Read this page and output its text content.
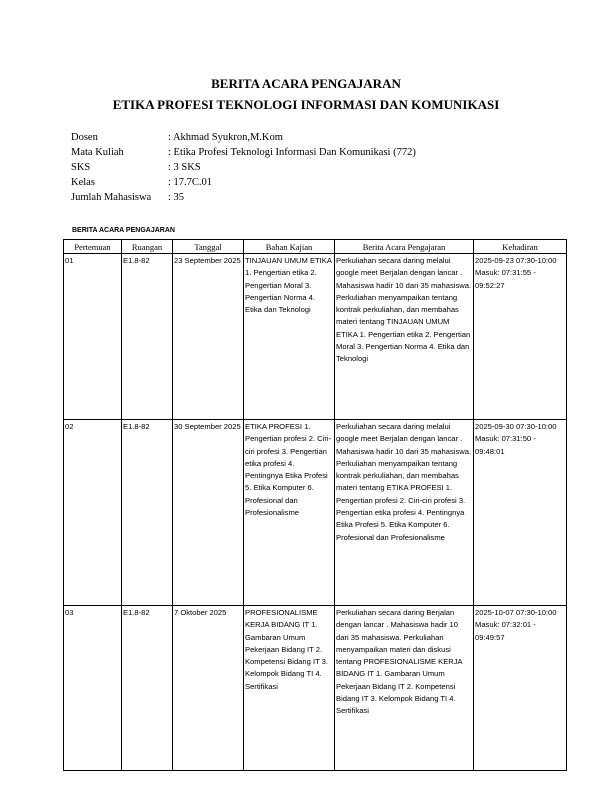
BERITA ACARA PENGAJARAN
ETIKA PROFESI TEKNOLOGI INFORMASI DAN KOMUNIKASI
Dosen	: Akhmad Syukron,M.Kom
Mata Kuliah	: Etika Profesi Teknologi Informasi Dan Komunikasi (772)
SKS	: 3 SKS
Kelas	: 17.7C.01
Jumlah Mahasiswa : 35
BERITA ACARA PENGAJARAN
Pertemuan	Ruangan	Tanggal	Bahan Kajian	Berita Acara Pengajaran	Kehadiran
01	E1.8-82	23 September 2025	TINJAUAN UMUM ETIKA 1. Pengertian etika 2. Pengertian Moral 3. Pengertian Norma 4. Etika dan Teknologi	Perkuliahan secara daring melalui google meet Berjalan dengan lancar . Mahasiswa hadir 10 dari 35 mahasiswa. Perkuliahan menyampaikan tentang kontrak perkuliahan, dan membahas materi tentang TINJAUAN UMUM ETIKA 1. Pengertian etika 2. Pengertian Moral 3. Pengertian Norma 4. Etika dan Teknologi	2025-09-23 07:30-10:00 Masuk: 07:31:55 - 09:52:27
02	E1.8-82	30 September 2025	ETIKA PROFESI 1. Pengertian profesi 2. Ciri-ciri profesi 3. Pengertian etika profesi 4. Pentingnya Etika Profesi 5. Etika Komputer 6. Profesional dan Profesionalisme	Perkuliahan secara daring melalui google meet Berjalan dengan lancar . Mahasiswa hadir 10 dari 35 mahasiswa. Perkuliahan menyampaikan tentang kontrak perkuliahan, dan membahas materi tentang ETIKA PROFESI 1. Pengertian profesi 2. Ciri-ciri profesi 3. Pengertian etika profesi 4. Pentingnya Etika Profesi 5. Etika Komputer 6. Profesional dan Profesionalisme	2025-09-30 07:30-10:00 Masuk: 07:31:50 - 09:48:01
03	E1.8-82	7 Oktober 2025	PROFESIONALISME KERJA BIDANG IT 1. Gambaran Umum Pekerjaan Bidang IT 2. Kompetensi Bidang IT 3. Kelompok Bidang TI 4. Sertifikasi	Perkuliahan secara daring Berjalan dengan lancar . Mahasiswa hadir 10 dari 35 mahasiswa. Perkuliahan menyampaikan materi dan diskusi tentang PROFESIONALISME KERJA BIDANG IT 1. Gambaran Umum Pekerjaan Bidang IT 2. Kompetensi Bidang IT 3. Kelompok Bidang TI 4. Sertifikasi	2025-10-07 07:30-10:00 Masuk: 07:32:01 - 09:49:57
